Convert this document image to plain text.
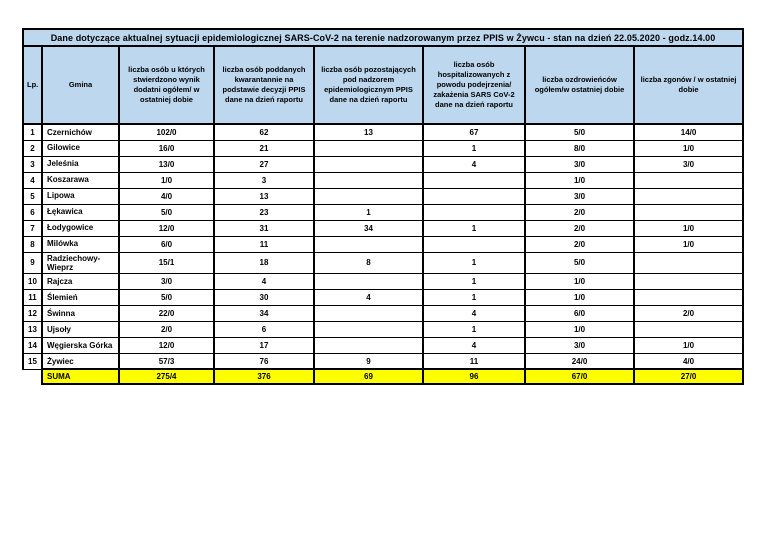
Dane dotyczące aktualnej sytuacji epidemiologicznej SARS-CoV-2 na terenie nadzorowanym przez PPIS w Żywcu - stan na dzień 22.05.2020 - godz.14.00							
Lp.	Gmina	liczba osób u których stwierdzono wynik dodatni ogółem/ w ostatniej dobie	liczba osób poddanych kwarantannie na podstawie decyzji PPIS dane na dzień raportu	liczba osób pozostających pod nadzorem epidemiologicznym PPIS dane na dzień raportu	liczba osób hospitalizowanych z powodu podejrzenia/ zakażenia SARS CoV-2 dane na dzień raportu	liczba ozdrowieńców ogółem/w ostatniej dobie	liczba zgonów / w ostatniej dobie
1	Czernichów	102/0	62	13	67	5/0	14/0
2	Gilowice	16/0	21		1	8/0	1/0
3	Jeleśnia	13/0	27		4	3/0	3/0
4	Koszarawa	1/0	3			1/0	
5	Lipowa	4/0	13			3/0	
6	Łękawica	5/0	23	1		2/0	
7	Łodygowice	12/0	31	34	1	2/0	1/0
8	Milówka	6/0	11			2/0	1/0
9	Radziechowy-Wieprz	15/1	18	8	1	5/0	
10	Rajcza	3/0	4		1	1/0	
11	Ślemień	5/0	30	4	1	1/0	
12	Świnna	22/0	34		4	6/0	2/0
13	Ujsoły	2/0	6		1	1/0	
14	Węgierska Górka	12/0	17		4	3/0	1/0
15	Żywiec	57/3	76	9	11	24/0	4/0
	SUMA	275/4	376	69	96	67/0	27/0
